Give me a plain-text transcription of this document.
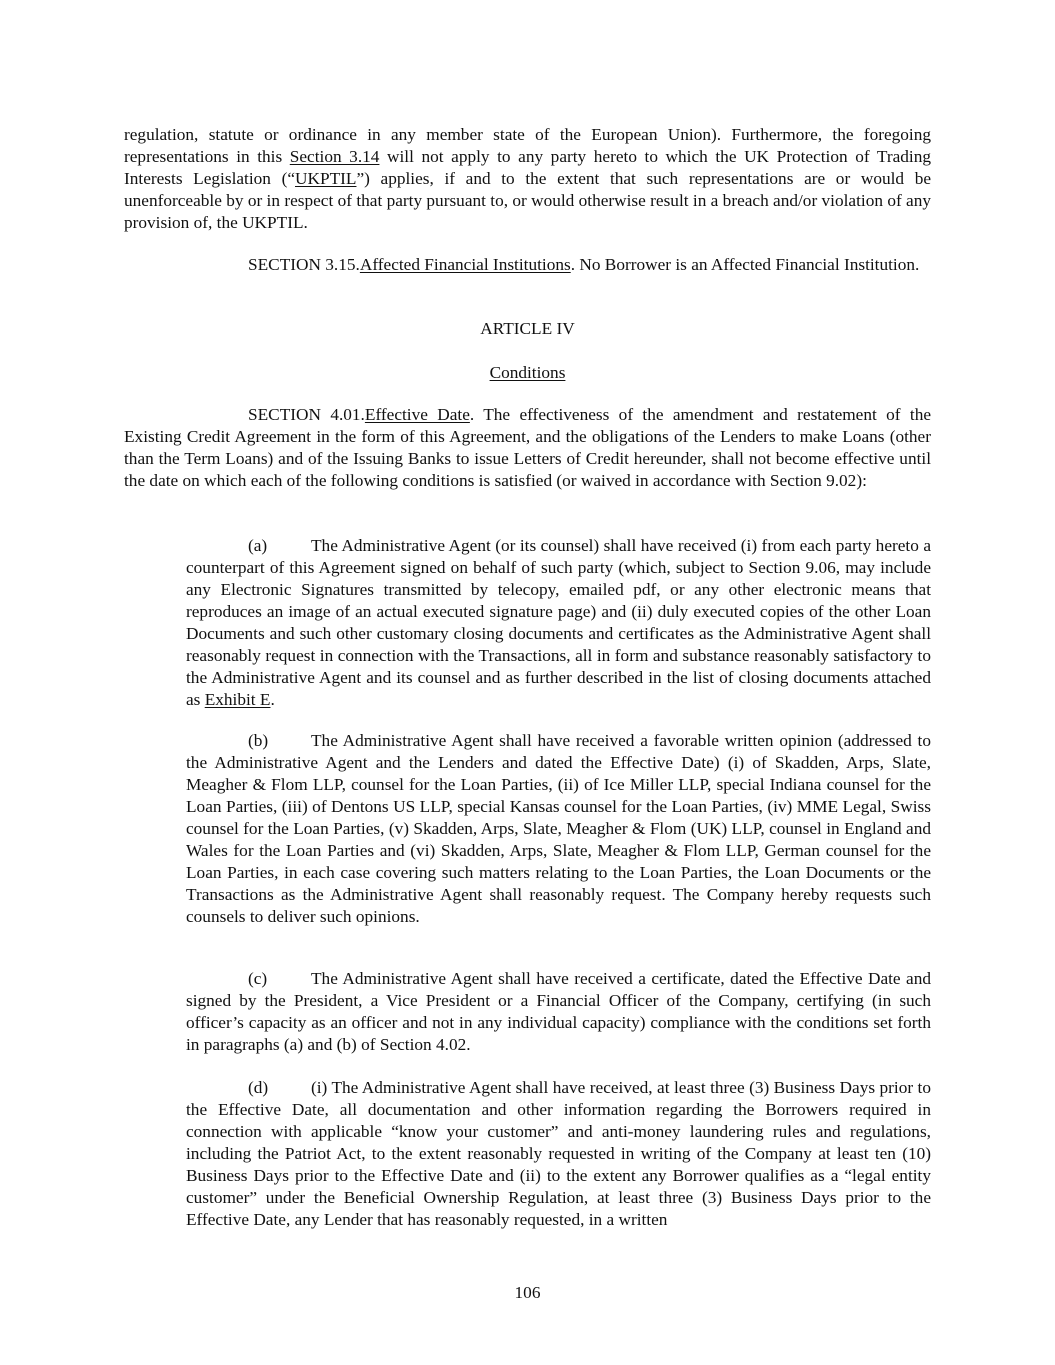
regulation, statute or ordinance in any member state of the European Union). Furthermore, the foregoing representations in this Section 3.14 will not apply to any party hereto to which the UK Protection of Trading Interests Legislation (“UKPTIL”) applies, if and to the extent that such representations are or would be unenforceable by or in respect of that party pursuant to, or would otherwise result in a breach and/or violation of any provision of, the UKPTIL.
SECTION 3.15.Affected Financial Institutions. No Borrower is an Affected Financial Institution.
ARTICLE IV
Conditions
SECTION 4.01.Effective Date. The effectiveness of the amendment and restatement of the Existing Credit Agreement in the form of this Agreement, and the obligations of the Lenders to make Loans (other than the Term Loans) and of the Issuing Banks to issue Letters of Credit hereunder, shall not become effective until the date on which each of the following conditions is satisfied (or waived in accordance with Section 9.02):
(a)	The Administrative Agent (or its counsel) shall have received (i) from each party hereto a counterpart of this Agreement signed on behalf of such party (which, subject to Section 9.06, may include any Electronic Signatures transmitted by telecopy, emailed pdf, or any other electronic means that reproduces an image of an actual executed signature page) and (ii) duly executed copies of the other Loan Documents and such other customary closing documents and certificates as the Administrative Agent shall reasonably request in connection with the Transactions, all in form and substance reasonably satisfactory to the Administrative Agent and its counsel and as further described in the list of closing documents attached as Exhibit E.
(b) The Administrative Agent shall have received a favorable written opinion (addressed to the Administrative Agent and the Lenders and dated the Effective Date) (i) of Skadden, Arps, Slate, Meagher & Flom LLP, counsel for the Loan Parties, (ii) of Ice Miller LLP, special Indiana counsel for the Loan Parties, (iii) of Dentons US LLP, special Kansas counsel for the Loan Parties, (iv) MME Legal, Swiss counsel for the Loan Parties, (v) Skadden, Arps, Slate, Meagher & Flom (UK) LLP, counsel in England and Wales for the Loan Parties and (vi) Skadden, Arps, Slate, Meagher & Flom LLP, German counsel for the Loan Parties, in each case covering such matters relating to the Loan Parties, the Loan Documents or the Transactions as the Administrative Agent shall reasonably request. The Company hereby requests such counsels to deliver such opinions.
(c)	The Administrative Agent shall have received a certificate, dated the Effective Date and signed by the President, a Vice President or a Financial Officer of the Company, certifying (in such officer’s capacity as an officer and not in any individual capacity) compliance with the conditions set forth in paragraphs (a) and (b) of Section 4.02.
(d) (i) The Administrative Agent shall have received, at least three (3) Business Days prior to the Effective Date, all documentation and other information regarding the Borrowers required in connection with applicable “know your customer” and anti-money laundering rules and regulations, including the Patriot Act, to the extent reasonably requested in writing of the Company at least ten (10) Business Days prior to the Effective Date and (ii) to the extent any Borrower qualifies as a “legal entity customer” under the Beneficial Ownership Regulation, at least three (3) Business Days prior to the Effective Date, any Lender that has reasonably requested, in a written
106
